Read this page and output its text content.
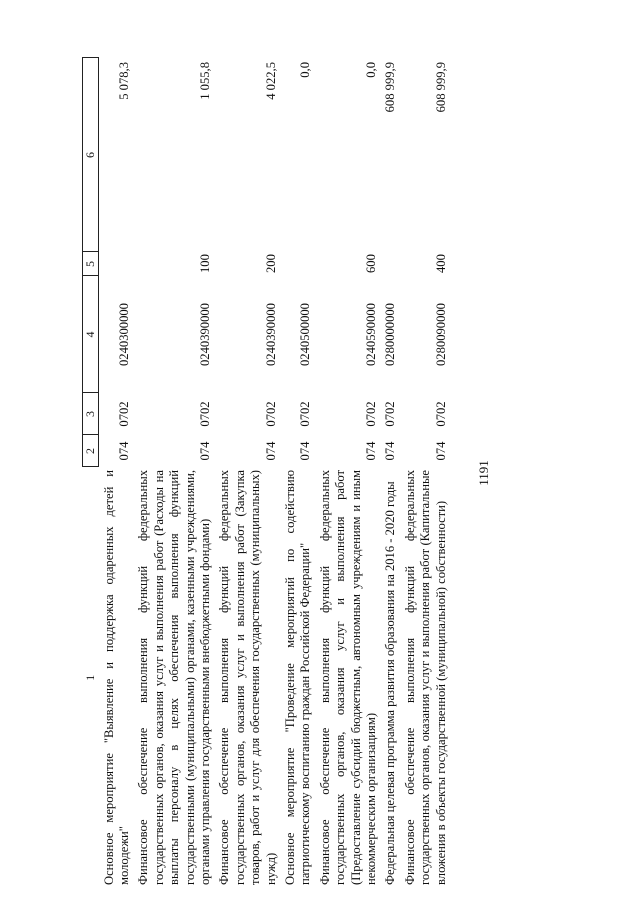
1	2	3	4	5	6
Основное мероприятие "Выявление и поддержка одаренных детей и молодежи"	074	0702	0240300000		5 078,3
Финансовое обеспечение выполнения функций федеральных государственных органов, оказания услуг и выполнения работ (Расходы на выплаты персоналу в целях обеспечения выполнения функций государственными (муниципальными) органами, казенными учреждениями, органами управления государственными внебюджетными фондами)	074	0702	0240390000	100	1 055,8
Финансовое обеспечение выполнения функций федеральных государственных органов, оказания услуг и выполнения работ (Закупка товаров, работ и услуг для обеспечения государственных (муниципальных) нужд)	074	0702	0240390000	200	4 022,5
Основное мероприятие "Проведение мероприятий по содействию патриотическому воспитанию граждан Российской Федерации"	074	0702	0240500000		0,0
Финансовое обеспечение выполнения функций федеральных государственных органов, оказания услуг и выполнения работ (Предоставление субсидий бюджетным, автономным учреждениям и иным некоммерческим организациям)	074	0702	0240590000	600	0,0
Федеральная целевая программа развития образования на 2016 - 2020 годы	074	0702	0280000000		608 999,9
Финансовое обеспечение выполнения функций федеральных государственных органов, оказания услуг и выполнения работ (Капитальные вложения в объекты государственной (муниципальной) собственности)	074	0702	0280090000	400	608 999,9
1191
